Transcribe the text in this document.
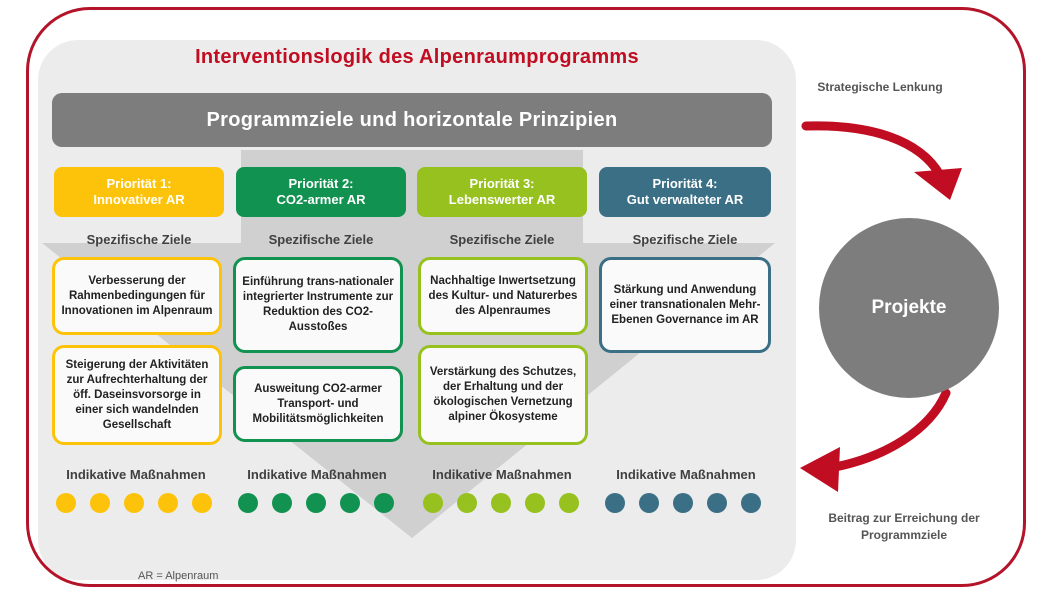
Interventionslogik des Alpenraumprogramms
Programmziele und horizontale Prinzipien
Priorität 1:
Innovativer AR
Priorität 2:
CO2-armer AR
Priorität 3:
Lebenswerter AR
Priorität 4:
Gut verwalteter AR
Spezifische Ziele	Spezifische Ziele	Spezifische Ziele	Spezifische Ziele
Verbesserung der Rahmenbedingungen für Innovationen im Alpenraum
Steigerung der Aktivitäten zur Aufrechterhaltung der öff. Daseinsvorsorge in einer sich wandelnden Gesellschaft
Einführung trans-nationaler integrierter Instrumente zur Reduktion des CO2-Ausstoßes
Ausweitung CO2-armer Transport- und Mobilitätsmöglichkeiten
Nachhaltige Inwertsetzung des Kultur- und Naturerbes des Alpenraumes
Verstärkung des Schutzes, der Erhaltung und der ökologischen Vernetzung alpiner Ökosysteme
Stärkung und Anwendung einer transnationalen Mehr-Ebenen Governance im AR
Indikative Maßnahmen	Indikative Maßnahmen	Indikative Maßnahmen	Indikative Maßnahmen
Strategische Lenkung
Projekte
Beitrag zur Erreichung der Programmziele
AR = Alpenraum
